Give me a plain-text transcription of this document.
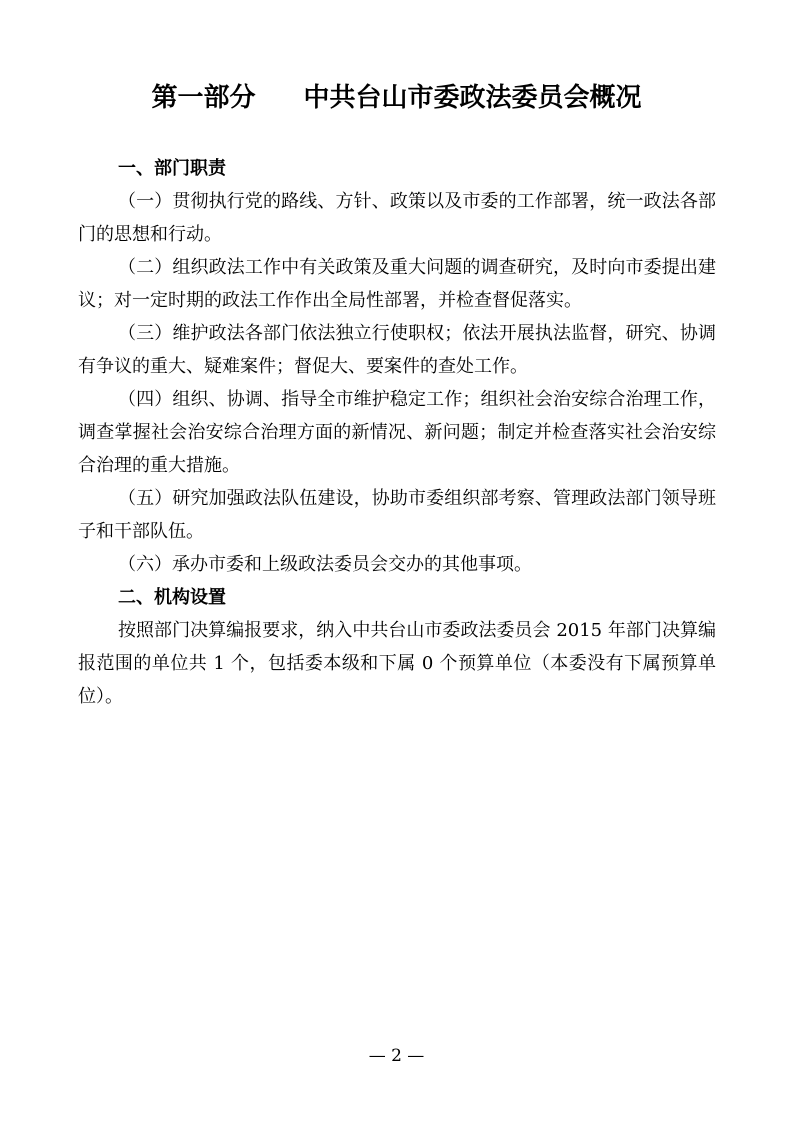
第一部分 中共台山市委政法委员会概况

一、部门职责

（一）贯彻执行党的路线、方针、政策以及市委的工作部署，统一政法各部门的思想和行动。

（二）组织政法工作中有关政策及重大问题的调查研究，及时向市委提出建议；对一定时期的政法工作作出全局性部署，并检查督促落实。

（三）维护政法各部门依法独立行使职权；依法开展执法监督，研究、协调有争议的重大、疑难案件；督促大、要案件的查处工作。

（四）组织、协调、指导全市维护稳定工作；组织社会治安综合治理工作，调查掌握社会治安综合治理方面的新情况、新问题；制定并检查落实社会治安综合治理的重大措施。

（五）研究加强政法队伍建设，协助市委组织部考察、管理政法部门领导班子和干部队伍。

（六）承办市委和上级政法委员会交办的其他事项。

二、机构设置

按照部门决算编报要求，纳入中共台山市委政法委员会 2015 年部门决算编报范围的单位共 1 个，包括委本级和下属 0 个预算单位（本委没有下属预算单位）。

— 2 —
